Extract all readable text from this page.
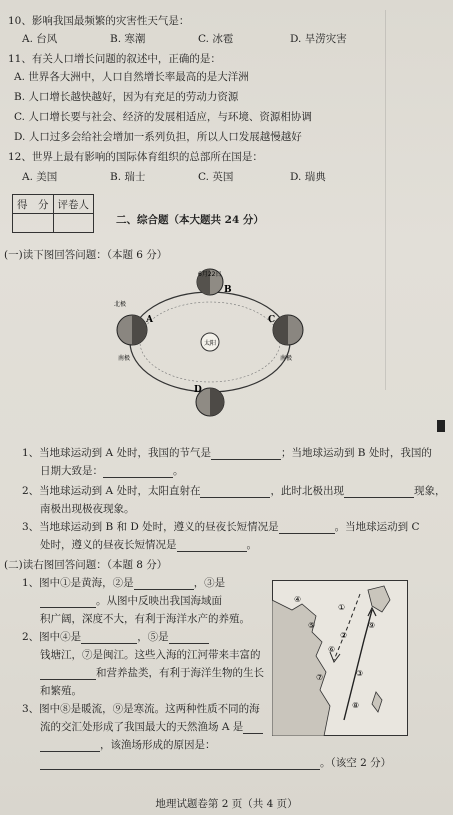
10、影响我国最频繁的灾害性天气是：
A. 台风	B. 寒潮	C. 冰雹	D. 旱涝灾害
11、有关人口增长问题的叙述中，正确的是：
A. 世界各大洲中，人口自然增长率最高的是大洋洲
B. 人口增长越快越好，因为有充足的劳动力资源
C. 人口增长要与社会、经济的发展相适应，与环境、资源相协调
D. 人口过多会给社会增加一系列负担，所以人口发展越慢越好
12、世界上最有影响的国际体育组织的总部所在国是：
A. 美国	B. 瑞士	C. 英国	D. 瑞典
得　分	评卷人

二、综合题（本大题共 24 分）
(一)读下图回答问题：（本题 6 分）
太阳
北极
南极
6月22日
A
B
C
D
南极
1、当地球运动到 A 处时，我国的节气是	；当地球运动到 B 处时，我国的
日期大致是：	。
2、当地球运动到 A 处时，太阳直射在	，此时北极出现	现象，
南极出现极夜现象。
3、当地球运动到 B 和 D 处时，遵义的昼夜长短情况是	。当地球运动到 C
处时，遵义的昼夜长短情况是	。
(二)读右图回答问题：（本题 8 分）
1、图中①是黄海，②是	，③是
。从图中反映出我国海域面
积广阔，深度不大，有利于海洋水产的养殖。
2、图中④是	，⑤是
钱塘江，⑦是闽江。这些入海的江河带来丰富的
和营养盐类，有利于海洋生物的生长
和繁殖。
3、图中⑧是暖流，⑨是寒流。这两种性质不同的海
流的交汇处形成了我国最大的天然渔场 A 是
，该渔场形成的原因是：
。（该空 2 分）
①
②
③
④
⑤
⑥
⑦
⑧
⑨
地理试题卷第 2 页（共 4 页）
